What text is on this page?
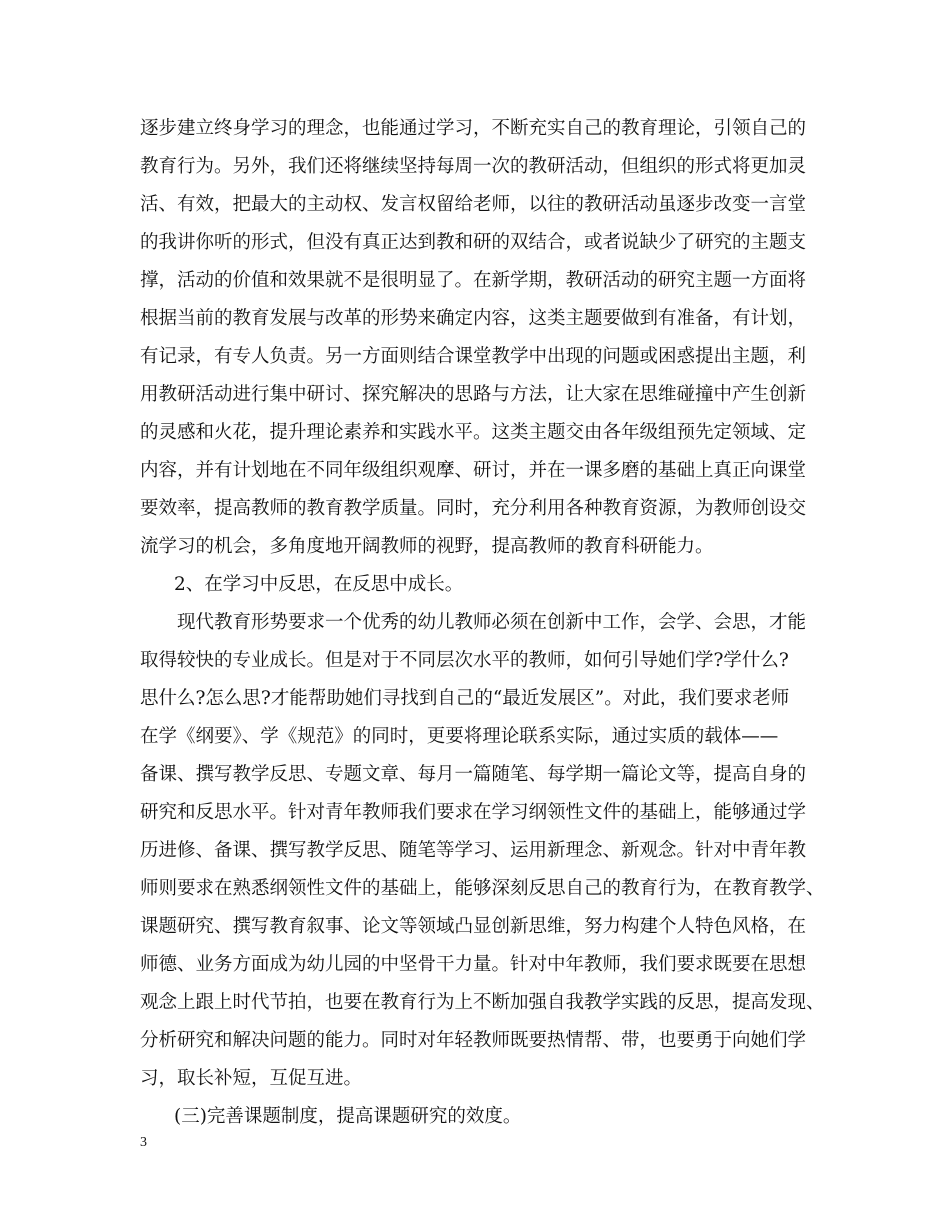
逐步建立终身学习的理念，也能通过学习，不断充实自己的教育理论，引领自己的
教育行为。另外，我们还将继续坚持每周一次的教研活动，但组织的形式将更加灵
活、有效，把最大的主动权、发言权留给老师，以往的教研活动虽逐步改变一言堂
的我讲你听的形式，但没有真正达到教和研的双结合，或者说缺少了研究的主题支
撑，活动的价值和效果就不是很明显了。在新学期，教研活动的研究主题一方面将
根据当前的教育发展与改革的形势来确定内容，这类主题要做到有准备，有计划，
有记录，有专人负责。另一方面则结合课堂教学中出现的问题或困惑提出主题，利
用教研活动进行集中研讨、探究解决的思路与方法，让大家在思维碰撞中产生创新
的灵感和火花，提升理论素养和实践水平。这类主题交由各年级组预先定领域、定
内容，并有计划地在不同年级组织观摩、研讨，并在一课多磨的基础上真正向课堂
要效率，提高教师的教育教学质量。同时，充分利用各种教育资源，为教师创设交
流学习的机会，多角度地开阔教师的视野，提高教师的教育科研能力。
2、在学习中反思，在反思中成长。
现代教育形势要求一个优秀的幼儿教师必须在创新中工作，会学、会思，才能
取得较快的专业成长。但是对于不同层次水平的教师，如何引导她们学?学什么?
思什么?怎么思?才能帮助她们寻找到自己的“最近发展区”。对此，我们要求老师
在学《纲要》、学《规范》的同时，更要将理论联系实际，通过实质的载体——
备课、撰写教学反思、专题文章、每月一篇随笔、每学期一篇论文等，提高自身的
研究和反思水平。针对青年教师我们要求在学习纲领性文件的基础上，能够通过学
历进修、备课、撰写教学反思、随笔等学习、运用新理念、新观念。针对中青年教
师则要求在熟悉纲领性文件的基础上，能够深刻反思自己的教育行为，在教育教学、
课题研究、撰写教育叙事、论文等领域凸显创新思维，努力构建个人特色风格，在
师德、业务方面成为幼儿园的中坚骨干力量。针对中年教师，我们要求既要在思想
观念上跟上时代节拍，也要在教育行为上不断加强自我教学实践的反思，提高发现、
分析研究和解决问题的能力。同时对年轻教师既要热情帮、带，也要勇于向她们学
习，取长补短，互促互进。
(三)完善课题制度，提高课题研究的效度。
3
